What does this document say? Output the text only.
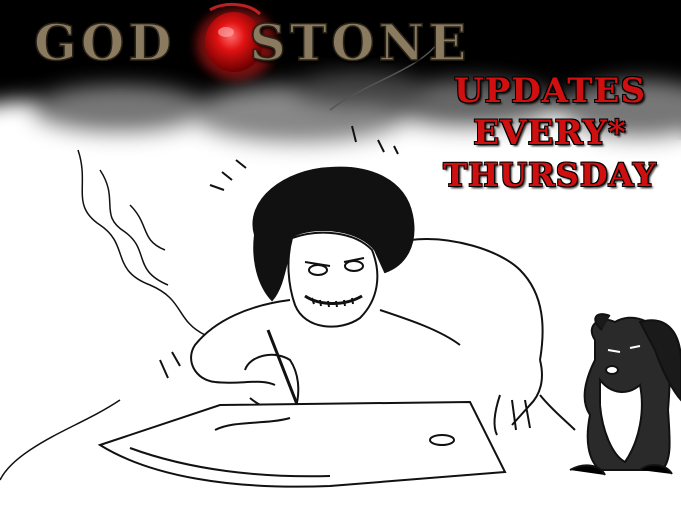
GOD STONE
UPDATES
EVERY*
THURSDAY
